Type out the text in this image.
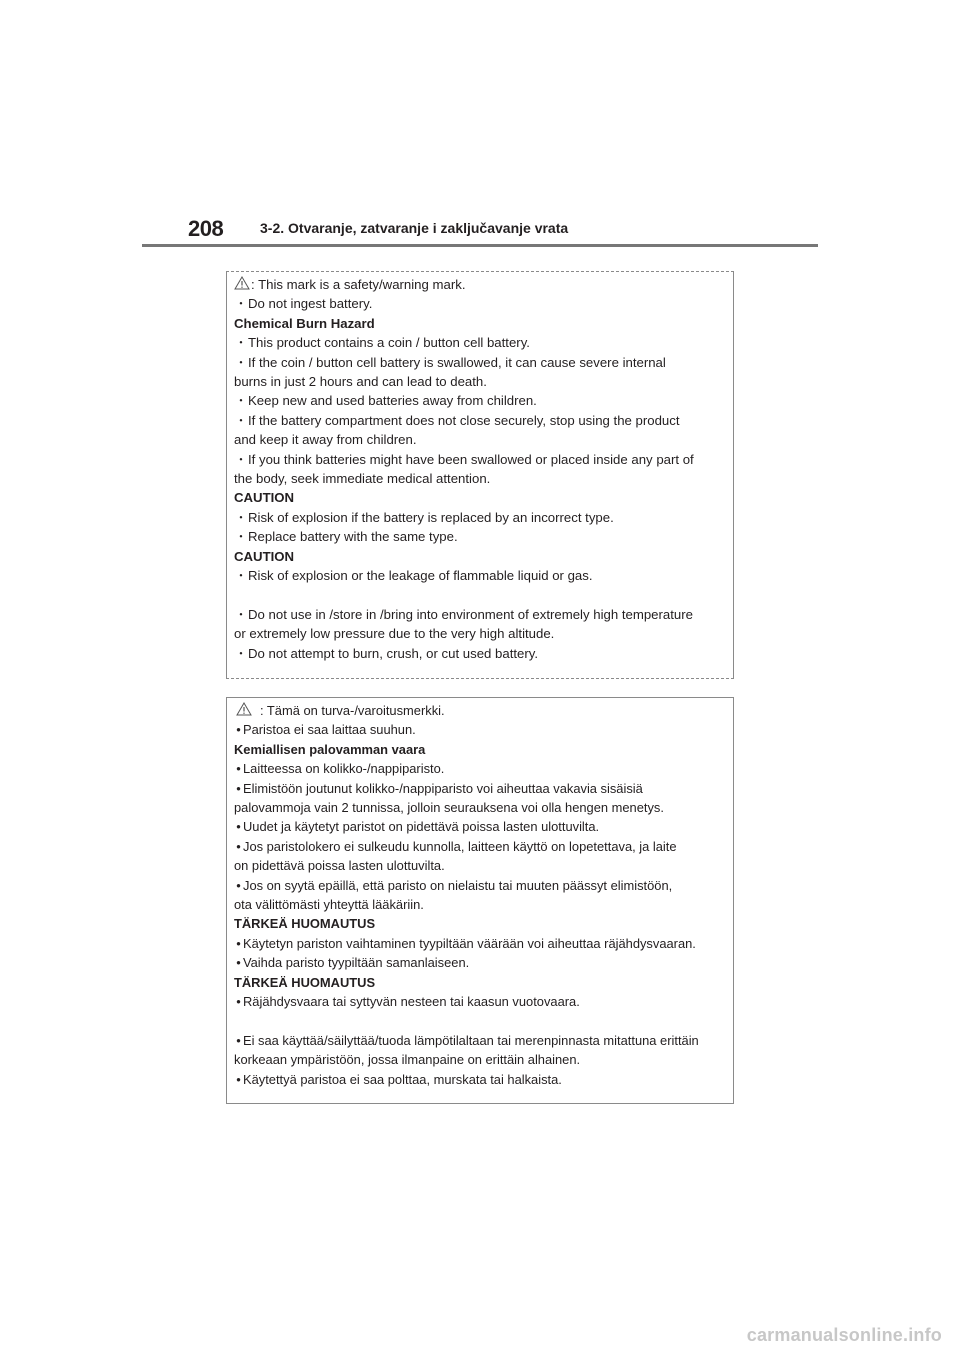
208	3-2. Otvaranje, zatvaranje i zaključavanje vrata
: This mark is a safety/warning mark.
・Do not ingest battery.
Chemical Burn Hazard
・This product contains a coin / button cell battery.
・If the coin / button cell battery is swallowed, it can cause severe internal
burns in just 2 hours and can lead to death.
・Keep new and used batteries away from children.
・If the battery compartment does not close securely, stop using the product
and keep it away from children.
・If you think batteries might have been swallowed or placed inside any part of
the body, seek immediate medical attention.
CAUTION
・Risk of explosion if the battery is replaced by an incorrect type.
・Replace battery with the same type.
CAUTION
・Risk of explosion or the leakage of flammable liquid or gas.
・Do not use in /store in /bring into environment of extremely high temperature
or extremely low pressure due to the very high altitude.
・Do not attempt to burn, crush, or cut used battery.
: Tämä on turva-/varoitusmerkki.
• Paristoa ei saa laittaa suuhun.
Kemiallisen palovamman vaara
• Laitteessa on kolikko-/nappiparisto.
• Elimistöön joutunut kolikko-/nappiparisto voi aiheuttaa vakavia sisäisiä
palovammoja vain 2 tunnissa, jolloin seurauksena voi olla hengen menetys.
• Uudet ja käytetyt paristot on pidettävä poissa lasten ulottuvilta.
• Jos paristolokero ei sulkeudu kunnolla, laitteen käyttö on lopetettava, ja laite
on pidettävä poissa lasten ulottuvilta.
• Jos on syytä epäillä, että paristo on nielaistu tai muuten päässyt elimistöön,
ota välittömästi yhteyttä lääkäriin.
TÄRKEÄ HUOMAUTUS
• Käytetyn pariston vaihtaminen tyypiltään väärään voi aiheuttaa räjähdysvaaran.
• Vaihda paristo tyypiltään samanlaiseen.
TÄRKEÄ HUOMAUTUS
• Räjähdysvaara tai syttyvän nesteen tai kaasun vuotovaara.
• Ei saa käyttää/säilyttää/tuoda lämpötilaltaan tai merenpinnasta mitattuna erittäin
korkeaan ympäristöön, jossa ilmanpaine on erittäin alhainen.
• Käytettyä paristoa ei saa polttaa, murskata tai halkaista.
carmanualsonline.info
